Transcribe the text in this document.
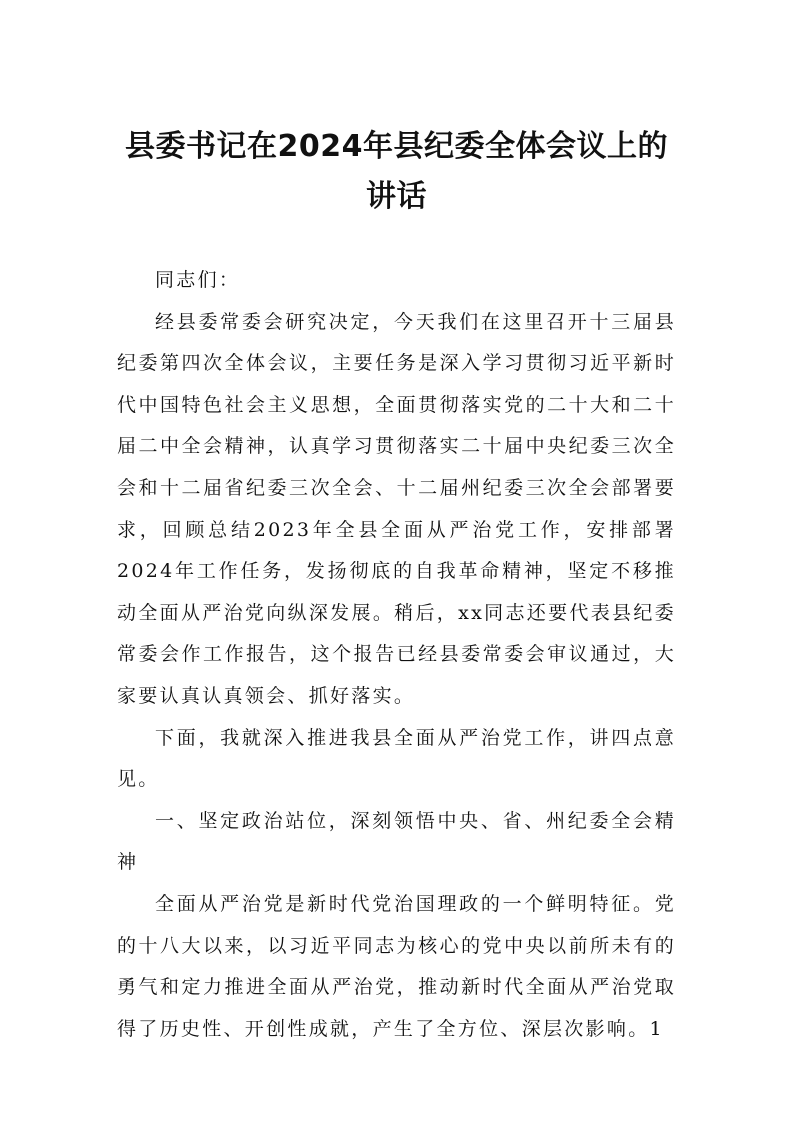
县委书记在2024年县纪委全体会议上的讲话

同志们：

经县委常委会研究决定，今天我们在这里召开十三届县纪委第四次全体会议，主要任务是深入学习贯彻习近平新时代中国特色社会主义思想，全面贯彻落实党的二十大和二十届二中全会精神，认真学习贯彻落实二十届中央纪委三次全会和十二届省纪委三次全会、十二届州纪委三次全会部署要求，回顾总结2023年全县全面从严治党工作，安排部署2024年工作任务，发扬彻底的自我革命精神，坚定不移推动全面从严治党向纵深发展。稍后，xx同志还要代表县纪委常委会作工作报告，这个报告已经县委常委会审议通过，大家要认真认真领会、抓好落实。

下面，我就深入推进我县全面从严治党工作，讲四点意见。

一、坚定政治站位，深刻领悟中央、省、州纪委全会精神

全面从严治党是新时代党治国理政的一个鲜明特征。党的十八大以来，以习近平同志为核心的党中央以前所未有的勇气和定力推进全面从严治党，推动新时代全面从严治党取得了历史性、开创性成就，产生了全方位、深层次影响。1
